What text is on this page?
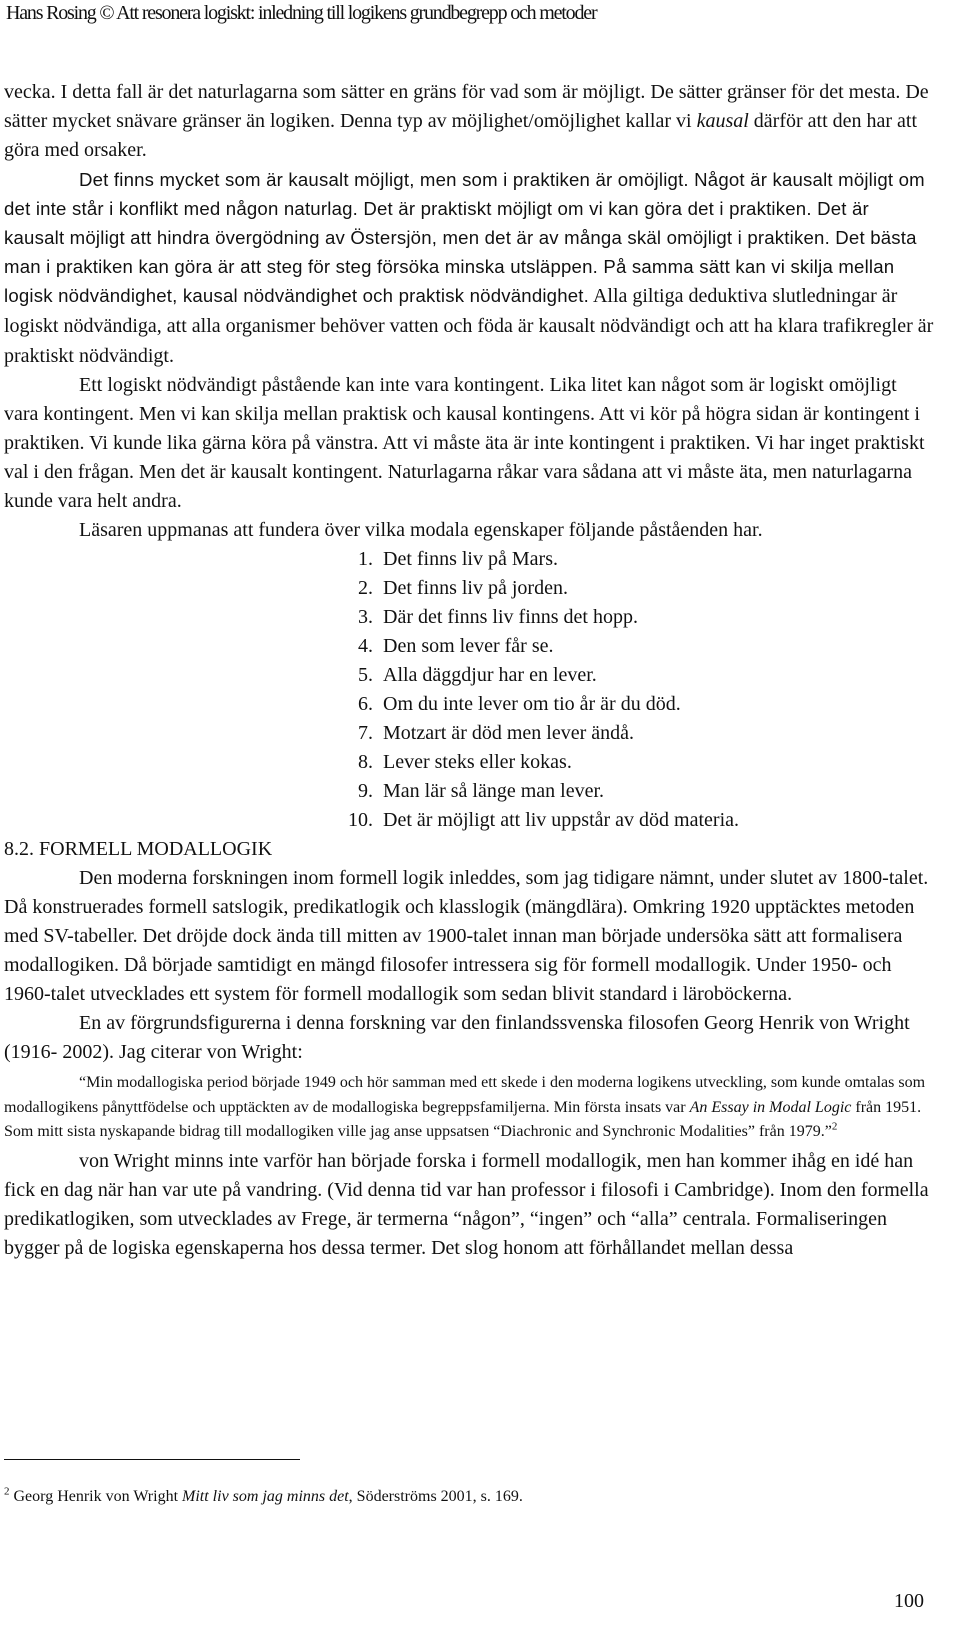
Hans Rosing © Att resonera logiskt: inledning till logikens grundbegrepp och metoder

vecka. I detta fall är det naturlagarna som sätter en gräns för vad som är möjligt. De sätter gränser för det mesta. De sätter mycket snävare gränser än logiken. Denna typ av möjlighet/omöjlighet kallar vi kausal därför att den har att göra med orsaker.

Det finns mycket som är kausalt möjligt, men som i praktiken är omöjligt. Något är kausalt möjligt om det inte står i konflikt med någon naturlag. Det är praktiskt möjligt om vi kan göra det i praktiken. Det är kausalt möjligt att hindra övergödning av Östersjön, men det är av många skäl omöjligt i praktiken. Det bästa man i praktiken kan göra är att steg för steg försöka minska utsläppen. På samma sätt kan vi skilja mellan logisk nödvändighet, kausal nödvändighet och praktisk nödvändighet. Alla giltiga deduktiva slutledningar är logiskt nödvändiga, att alla organismer behöver vatten och föda är kausalt nödvändigt och att ha klara trafikregler är praktiskt nödvändigt.

Ett logiskt nödvändigt påstående kan inte vara kontingent. Lika litet kan något som är logiskt omöjligt vara kontingent. Men vi kan skilja mellan praktisk och kausal kontingens. Att vi kör på högra sidan är kontingent i praktiken. Vi kunde lika gärna köra på vänstra. Att vi måste äta är inte kontingent i praktiken. Vi har inget praktiskt val i den frågan. Men det är kausalt kontingent. Naturlagarna råkar vara sådana att vi måste äta, men naturlagarna kunde vara helt andra.

Läsaren uppmanas att fundera över vilka modala egenskaper följande påståenden har.

1. Det finns liv på Mars.
2. Det finns liv på jorden.
3. Där det finns liv finns det hopp.
4. Den som lever får se.
5. Alla däggdjur har en lever.
6. Om du inte lever om tio år är du död.
7. Motzart är död men lever ändå.
8. Lever steks eller kokas.
9. Man lär så länge man lever.
10. Det är möjligt att liv uppstår av död materia.
8.2. FORMELL MODALLOGIK

Den moderna forskningen inom formell logik inleddes, som jag tidigare nämnt, under slutet av 1800-talet. Då konstruerades formell satslogik, predikatlogik och klasslogik (mängdlära). Omkring 1920 upptäcktes metoden med SV-tabeller. Det dröjde dock ända till mitten av 1900-talet innan man började undersöka sätt att formalisera modallogiken. Då började samtidigt en mängd filosofer intressera sig för formell modallogik. Under 1950- och 1960-talet utvecklades ett system för formell modallogik som sedan blivit standard i läroböckerna.

En av förgrundsfigurerna i denna forskning var den finlandssvenska filosofen Georg Henrik von Wright (1916- 2002). Jag citerar von Wright:

“Min modallogiska period började 1949 och hör samman med ett skede i den moderna logikens utveckling, som kunde omtalas som modallogikens pånyttfödelse och upptäckten av de modallogiska begreppsfamiljerna. Min första insats var An Essay in Modal Logic från 1951. Som mitt sista nyskapande bidrag till modallogiken ville jag anse uppsatsen “Diachronic and Synchronic Modalities” från 1979.”$^2$

von Wright minns inte varför han började forska i formell modallogik, men han kommer ihåg en idé han fick en dag när han var ute på vandring. (Vid denna tid var han professor i filosofi i Cambridge). Inom den formella predikatlogiken, som utvecklades av Frege, är termerna “någon”, “ingen” och “alla” centrala. Formaliseringen bygger på de logiska egenskaperna hos dessa termer. Det slog honom att förhållandet mellan dessa

$^2$ Georg Henrik von Wright Mitt liv som jag minns det, Söderströms 2001, s. 169.
100
